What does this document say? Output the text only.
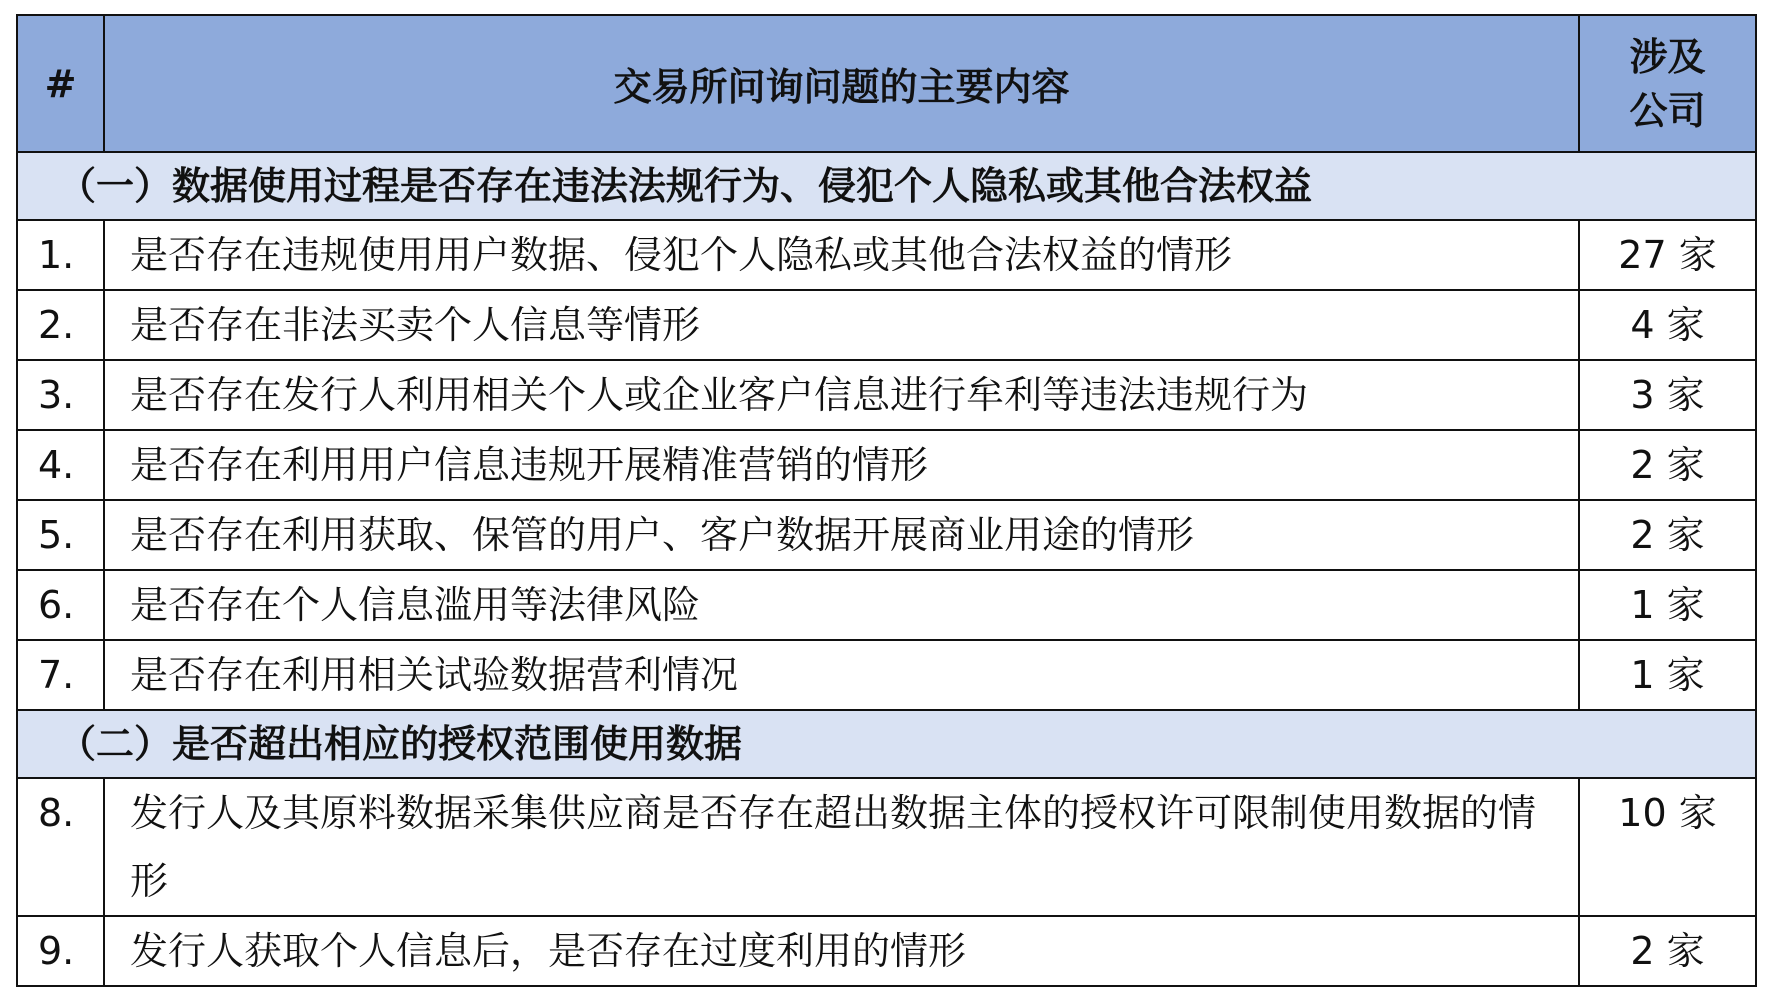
#	交易所问询问题的主要内容	涉及
公司

（一）数据使用过程是否存在违法法规行为、侵犯个人隐私或其他合法权益		
1.	是否存在违规使用用户数据、侵犯个人隐私或其他合法权益的情形	27 家
2.	是否存在非法买卖个人信息等情形	4 家
3.	是否存在发行人利用相关个人或企业客户信息进行牟利等违法违规行为	3 家
4.	是否存在利用用户信息违规开展精准营销的情形	2 家
5.	是否存在利用获取、保管的用户、客户数据开展商业用途的情形	2 家
6.	是否存在个人信息滥用等法律风险	1 家
7.	是否存在利用相关试验数据营利情况	1 家
（二）是否超出相应的授权范围使用数据		
8.	发行人及其原料数据采集供应商是否存在超出数据主体的授权许可限制使用数据的情形	10 家
9.	发行人获取个人信息后，是否存在过度利用的情形	2 家
